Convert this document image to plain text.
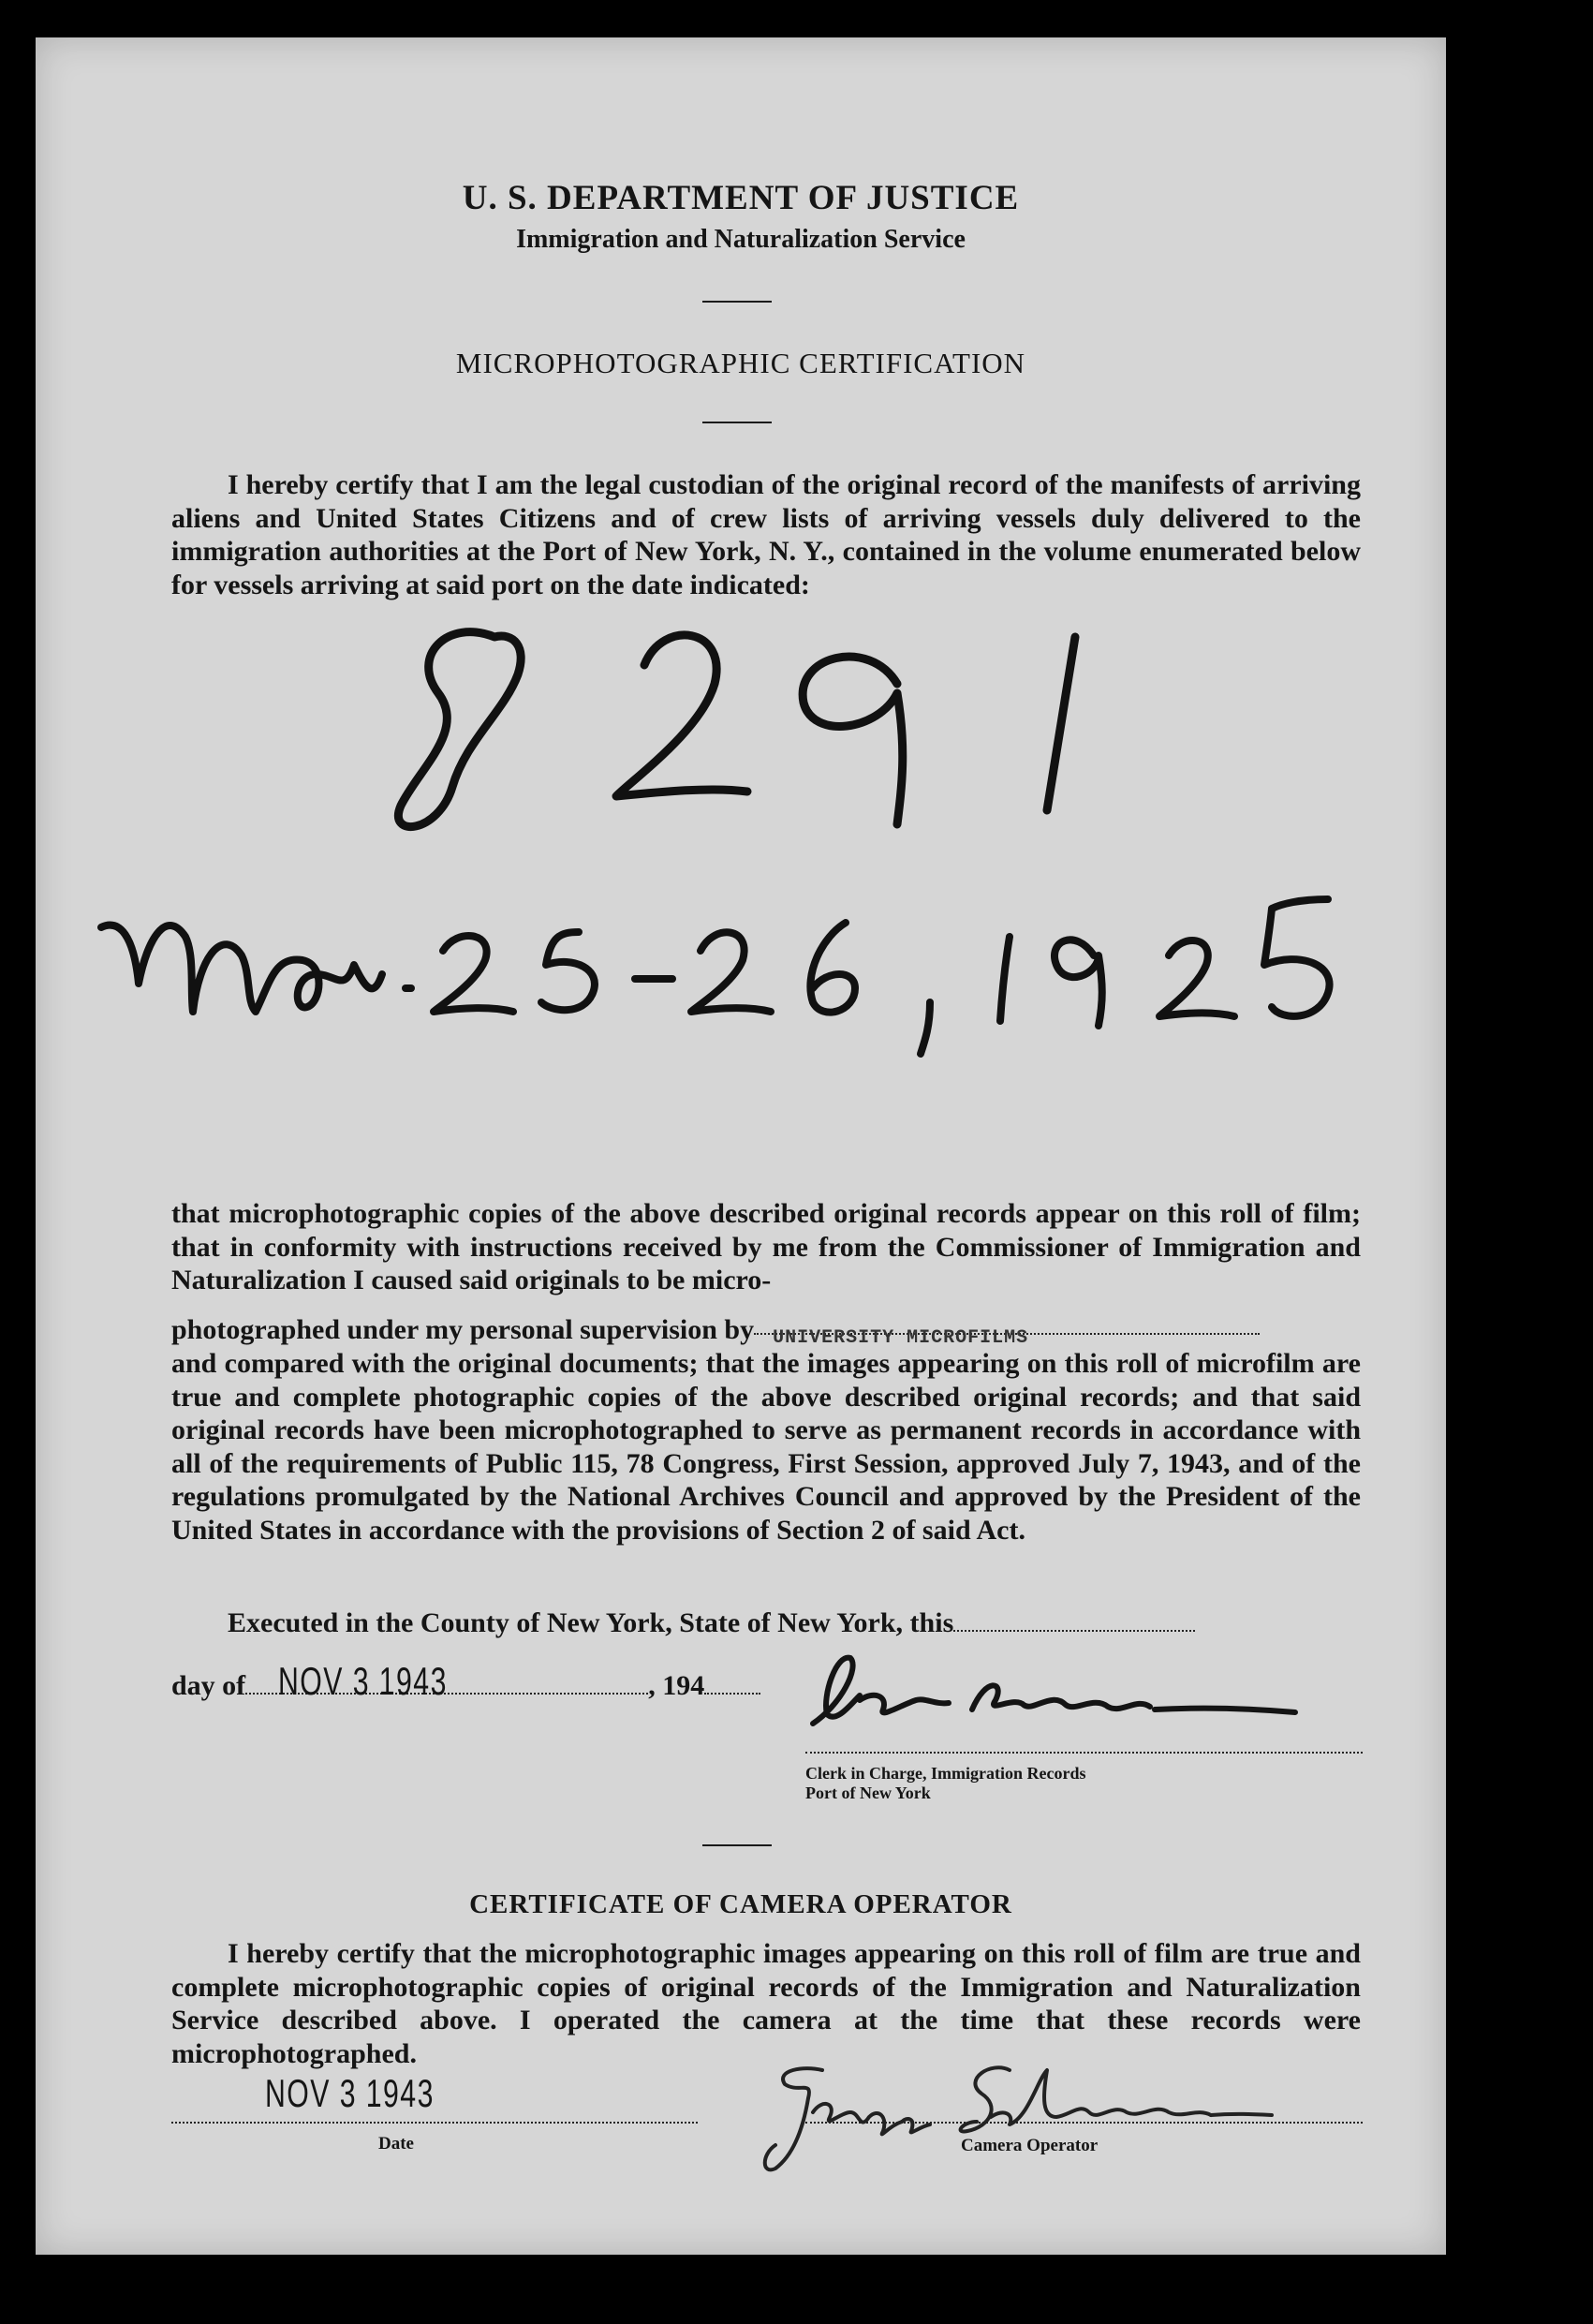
U. S. DEPARTMENT OF JUSTICE
Immigration and Naturalization Service
MICROPHOTOGRAPHIC CERTIFICATION
I hereby certify that I am the legal custodian of the original record of the manifests of arriving aliens and United States Citizens and of crew lists of arriving vessels duly delivered to the immigration authorities at the Port of New York, N. Y., contained in the volume enumerated below for vessels arriving at said port on the date indicated:
that microphotographic copies of the above described original records appear on this roll of film; that in conformity with instructions received by me from the Commissioner of Immigration and Naturalization I caused said originals to be micro-
photographed under my personal supervision by UNIVERSITY MICROFILMS
and compared with the original documents; that the images appearing on this roll of microfilm are true and complete photographic copies of the above described original records; and that said original records have been microphotographed to serve as permanent records in accordance with all of the requirements of Public 115, 78 Congress, First Session, approved July 7, 1943, and of the regulations promulgated by the National Archives Council and approved by the President of the United States in accordance with the provisions of Section 2 of said Act.
Executed in the County of New York, State of New York, this
day of NOV 3 1943	, 194
Clerk in Charge, Immigration Records
Port of New York
CERTIFICATE OF CAMERA OPERATOR
I hereby certify that the microphotographic images appearing on this roll of film are true and complete microphotographic copies of original records of the Immigration and Naturalization Service described above. I operated the camera at the time that these records were microphotographed.
NOV 3 1943
Date	Camera Operator
